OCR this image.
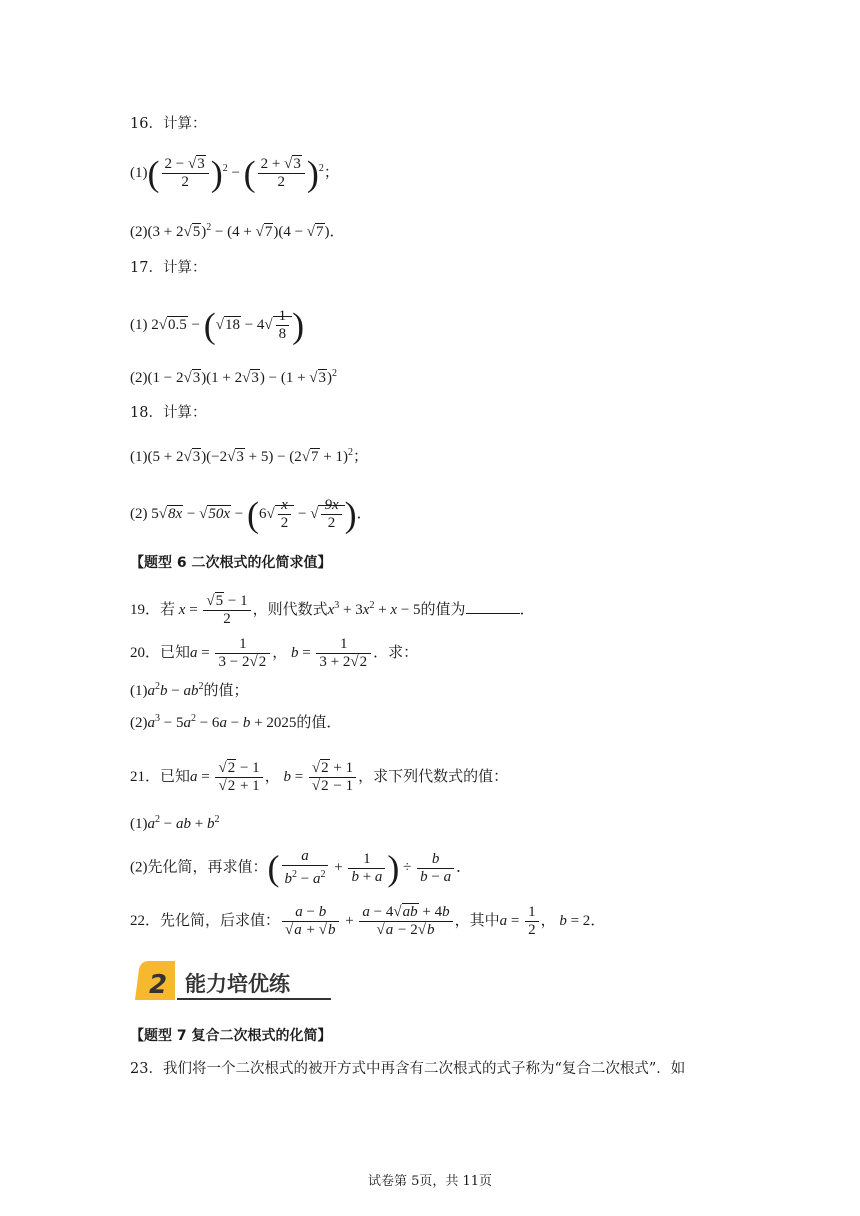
16．计算：
$(1)( \frac{2 - √ 3}{2} )^2$ − ( $\frac{2 + √ 3}{2} )^2$；
(2)(3 + 2 √ 5)$^2$ − (4 + √ 7)(4 − √ 7)．
17．计算：
(1) 2 √ 0.5 − ( √ 18 − 4 √ $\frac{1}{8}$ )
(2)(1 − 2 √ 3)(1 + 2 √ 3) − (1 + √ 3)$^2$
18．计算：
(1)(5 + 2 √ 3)(−2 √ 3 + 5) − (2 √ 7 + 1)$^2$；
(2) 5 √ 8x − √ 50x − (6 √ $\frac{x}{2}$ − √ $\frac{9x}{2}$ )．
【题型 6 二次根式的化简求值】
19．若 x = √ $\frac{5 - 1}{2}$ ，则代数式$x^3 + 3x^2 + x - 5$的值为	．
20．已知$a = \frac{1}{3 - 2 √ 2}$ ， $b = \frac{1}{3 + 2 √ 2}$ ．求：
$(1)a^2b - ab^2$的值；
$(2)a^3 - 5a^2 - 6a - b + 2025$的值．
21．已知a = √ 2 − 1
√ 2 + 1 ， b = √ 2 + 1
√ 2 − 1 ，求下列代数式的值：
$(1)a^2$ − ab + $b^2$
(2)先化简，再求值：( $\frac{a}{b^2 - a^2} + \frac{1}{b + a}$ ) ÷ $\frac{b}{b - a}$ ．
22．先化简，后求值： a − b
√ a + √ b + a − 4 √ ab + 4b
√ a − 2 √ b ，其中$a = \frac{1}{2}$ ， b = 2．
2 能力培优练
【题型 7 复合二次根式的化简】
23．我们将一个二次根式的被开方式中再含有二次根式的式子称为“复合二次根式”．如
试卷第 5页，共 11页
